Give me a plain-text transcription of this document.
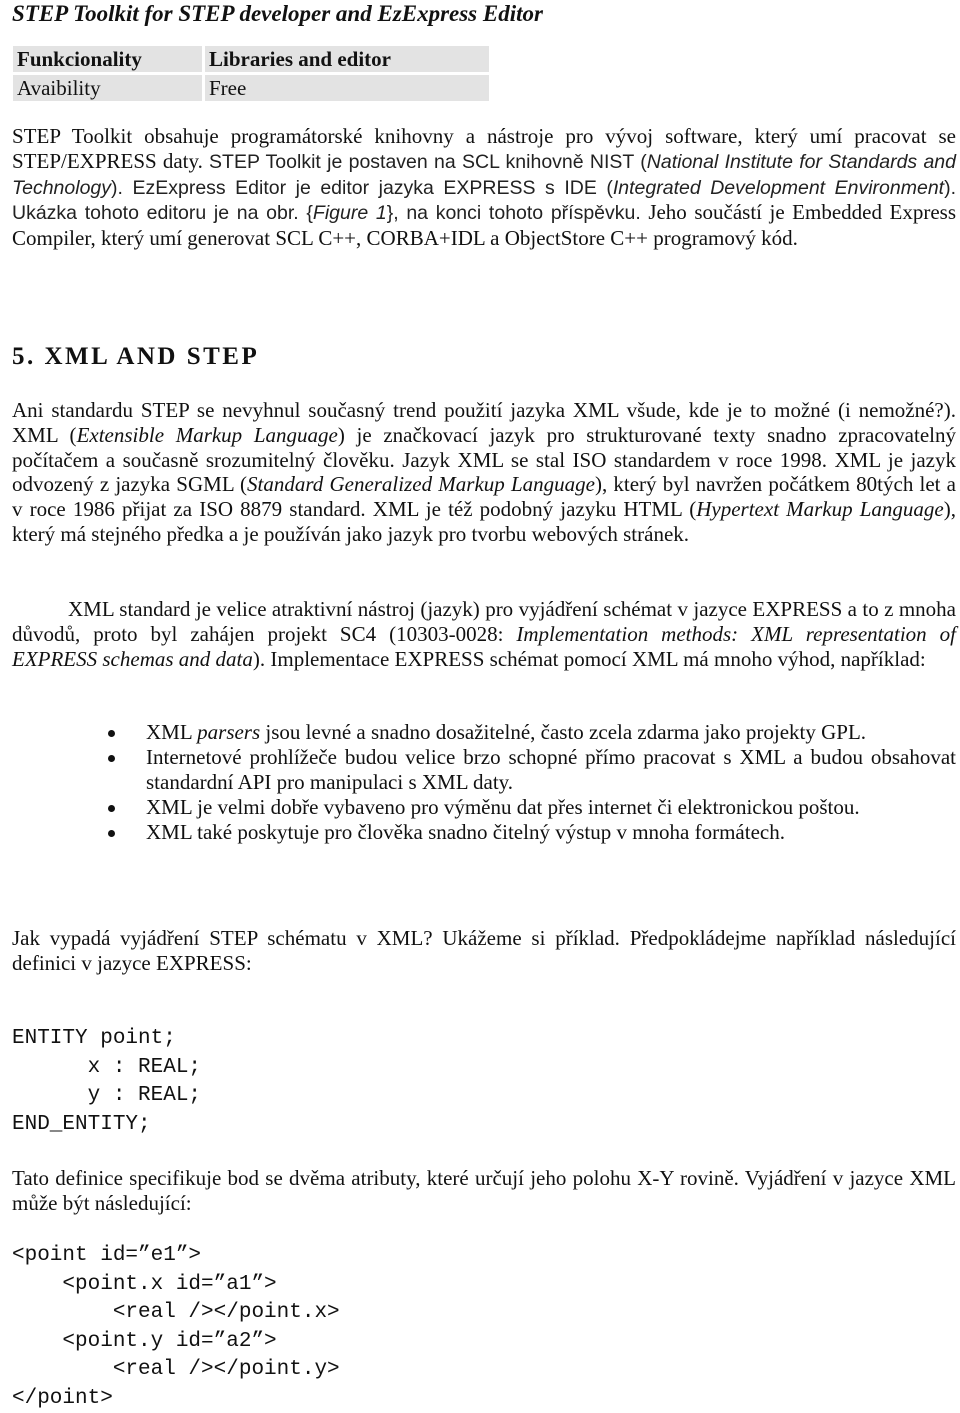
STEP Toolkit for STEP developer and EzExpress Editor
Funkcionality	Libraries and editor
Avaibility	Free

STEP Toolkit obsahuje programátorské knihovny a nástroje pro vývoj software, který umí pracovat se STEP/EXPRESS daty. STEP Toolkit je postaven na SCL knihovně NIST (National Institute for Standards and Technology). EzExpress Editor je editor jazyka EXPRESS s IDE (Integrated Development Environment). Ukázka tohoto editoru je na obr. {Figure 1}, na konci tohoto příspěvku. Jeho součástí je Embedded Express Compiler, který umí generovat SCL C++, CORBA+IDL a ObjectStore C++ programový kód.

5. XML AND STEP

Ani standardu STEP se nevyhnul současný trend použití jazyka XML všude, kde je to možné (i nemožné?). XML (Extensible Markup Language) je značkovací jazyk pro strukturované texty snadno zpracovatelný počítačem a současně srozumitelný člověku. Jazyk XML se stal ISO standardem v roce 1998. XML je jazyk odvozený z jazyka SGML (Standard Generalized Markup Language), který byl navržen počátkem 80tých let a v roce 1986 přijat za ISO 8879 standard. XML je též podobný jazyku HTML (Hypertext Markup Language), který má stejného předka a je používán jako jazyk pro tvorbu webových stránek.

XML standard je velice atraktivní nástroj (jazyk) pro vyjádření schémat v jazyce EXPRESS a to z mnoha důvodů, proto byl zahájen projekt SC4 (10303-0028: Implementation methods: XML representation of EXPRESS schemas and data). Implementace EXPRESS schémat pomocí XML má mnoho výhod, například:

XML parsers jsou levné a snadno dosažitelné, často zcela zdarma jako projekty GPL.
Internetové prohlížeče budou velice brzo schopné přímo pracovat s XML a budou obsahovat standardní API pro manipulaci s XML daty.
XML je velmi dobře vybaveno pro výměnu dat přes internet či elektronickou poštou.
XML také poskytuje pro člověka snadno čitelný výstup v mnoha formátech.

Jak vypadá vyjádření STEP schématu v XML? Ukážeme si příklad. Předpokládejme například následující definici v jazyce EXPRESS:

ENTITY point;
x : REAL;
y : REAL;
END_ENTITY;

Tato definice specifikuje bod se dvěma atributy, které určují jeho polohu X-Y rovině. Vyjádření v jazyce XML může být následující:

<point id=”e1”>
<point.x id=”a1”>
<real /></point.x>
<point.y id=”a2”>
<real /></point.y>
</point>
